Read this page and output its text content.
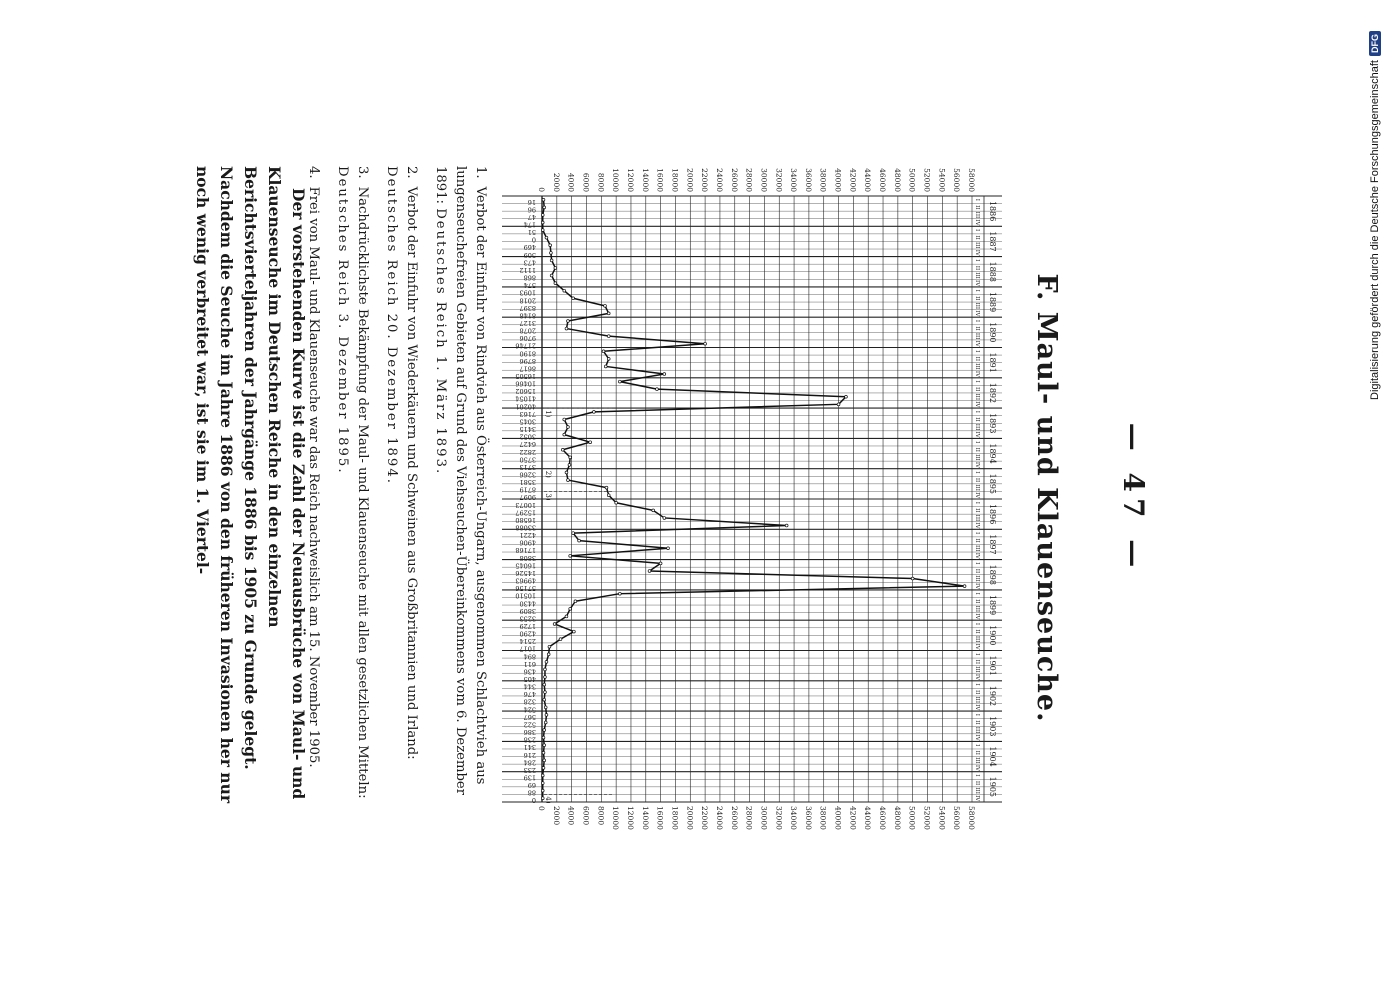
— 47 —
F. Maul- und Klauenseuche.
0
0
2000
2000
4000
4000
6000
6000
8000
8000
10000
10000
12000
12000
14000
14000
16000
16000
18000
18000
20000
20000
22000
22000
24000
24000
26000
26000
28000
28000
30000
30000
32000
32000
34000
34000
36000
36000
38000
38000
40000
40000
42000
42000
44000
44000
46000
46000
48000
48000
50000
50000
52000
52000
54000
54000
56000
56000
58000
58000
1886
I
II
III
IV
1887
I
II
III
IV
1888
I
II
III
IV
1889
I
II
III
IV
1890
I
II
III
IV
1891
I
II
III
IV
1892
I
II
III
IV
1893
I
II
III
IV
1894
I
II
III
IV
1895
I
II
III
IV
1896
I
II
III
IV
1897
I
II
III
IV
1898
I
II
III
IV
1899
I
II
III
IV
1900
I
II
III
IV
1901
I
II
III
IV
1902
I
II
III
IV
1903
I
II
III
IV
1904
I
II
III
IV
1905
I
II
III
IV
16
96
47
174
51
0
469
509
473
1112
868
574
1093
2018
8397
8148
3127
2078
9706
21746
8190
8796
8617
16505
10466
15602
41054
40201
7163
3045
3415
3052
6427
2822
3750
3713
3266
3581
8719
9097
10073
15297
16580
33088
4221
4906
17168
3808
16045
14526
49963
57156
10510
4430
3809
3253
1729
4290
2514
1017
894
611
436
405
344
476
328
524
567
522
386
238
341
216
284
233
139
69
88
0
1)
2)
3)
4)

1.Verbot der Einfuhr von Rindvieh aus Österreich-Ungarn, ausgenommen Schlachtvieh aus lungenseuchefreien Gebieten auf Grund des Viehseuchen-Übereinkommens vom 6. Dezember 1891: Deutsches Reich 1. März 1893.

2.Verbot der Einfuhr von Wiederkäuern und Schweinen aus Großbritannien und Irland: Deutsches Reich 20. Dezember 1894.

3.Nachdrücklichste Bekämpfung der Maul- und Klauenseuche mit allen gesetzlichen Mitteln: Deutsches Reich 3. Dezember 1895.

4.Frei von Maul- und Klauenseuche war das Reich nachweislich am 15. November 1905.

Der vorstehenden Kurve ist die Zahl der Neuausbrüche von Maul- und Klauenseuche im Deutschen Reiche in den einzelnen Berichtsvierteljahren der Jahrgänge 1886 bis 1905 zu Grunde gelegt. Nachdem die Seuche im Jahre 1886 von den früheren Invasionen her nur noch wenig verbreitet war, ist sie im 1. Viertel-	Digitalisierung gefördert durch die Deutsche Forschungsgemeinschaft
DFG
